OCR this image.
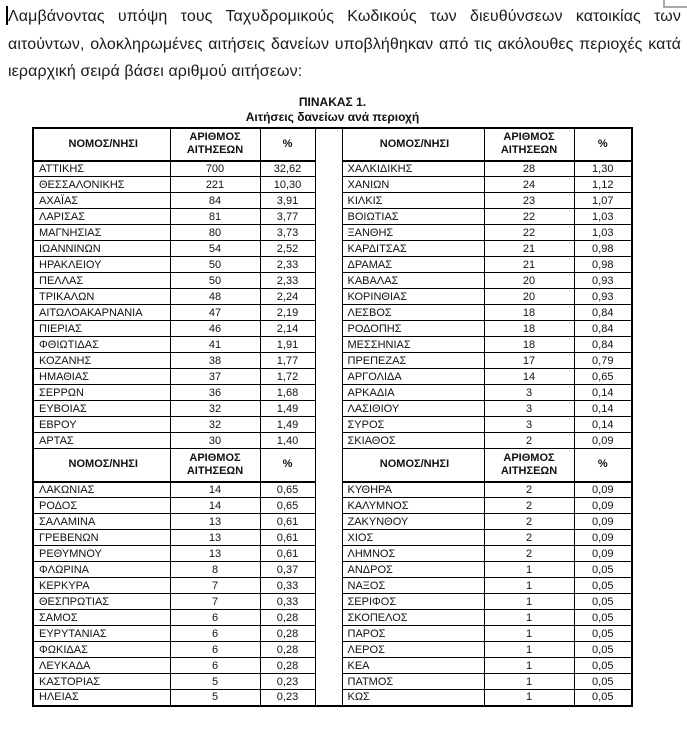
Λαμβάνοντας υπόψη τους Ταχυδρομικούς Κωδικούς των διευθύνσεων κατοικίας των αιτούντων, ολοκληρωμένες αιτήσεις δανείων υποβλήθηκαν από τις ακόλουθες περιοχές κατά ιεραρχική σειρά βάσει αριθμού αιτήσεων:

ΠΙΝΑΚΑΣ 1.
Αιτήσεις δανείων ανά περιοχή
ΝΟΜΟΣ/ΝΗΣΙ	ΑΡΙΘΜΟΣ ΑΙΤΗΣΕΩΝ	%		ΝΟΜΟΣ/ΝΗΣΙ	ΑΡΙΘΜΟΣ ΑΙΤΗΣΕΩΝ	%
ΑΤΤΙΚΗΣ	700	32,62		ΧΑΛΚΙΔΙΚΗΣ	28	1,30
ΘΕΣΣΑΛΟΝΙΚΗΣ	221	10,30		ΧΑΝΙΩΝ	24	1,12
ΑΧΑΪΑΣ	84	3,91		ΚΙΛΚΙΣ	23	1,07
ΛΑΡΙΣΑΣ	81	3,77		ΒΟΙΩΤΙΑΣ	22	1,03
ΜΑΓΝΗΣΙΑΣ	80	3,73		ΞΑΝΘΗΣ	22	1,03
ΙΩΑΝΝΙΝΩΝ	54	2,52		ΚΑΡΔΙΤΣΑΣ	21	0,98
ΗΡΑΚΛΕΙΟΥ	50	2,33		ΔΡΑΜΑΣ	21	0,98
ΠΕΛΛΑΣ	50	2,33		ΚΑΒΑΛΑΣ	20	0,93
ΤΡΙΚΑΛΩΝ	48	2,24		ΚΟΡΙΝΘΙΑΣ	20	0,93
ΑΙΤΩΛΟΑΚΑΡΝΑΝΙΑ	47	2,19		ΛΕΣΒΟΣ	18	0,84
ΠΙΕΡΙΑΣ	46	2,14		ΡΟΔΟΠΗΣ	18	0,84
ΦΘΙΩΤΙΔΑΣ	41	1,91		ΜΕΣΣΗΝΙΑΣ	18	0,84
ΚΟΖΑΝΗΣ	38	1,77		ΠΡΕΠΕΖΑΣ	17	0,79
ΗΜΑΘΙΑΣ	37	1,72		ΑΡΓΟΛΙΔΑ	14	0,65
ΣΕΡΡΩΝ	36	1,68		ΑΡΚΑΔΙΑ	3	0,14
ΕΥΒΟΙΑΣ	32	1,49		ΛΑΣΙΘΙΟΥ	3	0,14
ΕΒΡΟΥ	32	1,49		ΣΥΡΟΣ	3	0,14
ΑΡΤΑΣ	30	1,40		ΣΚΙΑΘΟΣ	2	0,09
ΝΟΜΟΣ/ΝΗΣΙ	ΑΡΙΘΜΟΣ ΑΙΤΗΣΕΩΝ	%		ΝΟΜΟΣ/ΝΗΣΙ	ΑΡΙΘΜΟΣ ΑΙΤΗΣΕΩΝ	%
ΛΑΚΩΝΙΑΣ	14	0,65		ΚΥΘΗΡΑ	2	0,09
ΡΟΔΟΣ	14	0,65		ΚΑΛΥΜΝΟΣ	2	0,09
ΣΑΛΑΜΙΝΑ	13	0,61		ΖΑΚΥΝΘΟΥ	2	0,09
ΓΡΕΒΕΝΩΝ	13	0,61		ΧΙΟΣ	2	0,09
ΡΕΘΥΜΝΟΥ	13	0,61		ΛΗΜΝΟΣ	2	0,09
ΦΛΩΡΙΝΑ	8	0,37		ΑΝΔΡΟΣ	1	0,05
ΚΕΡΚΥΡΑ	7	0,33		ΝΑΞΟΣ	1	0,05
ΘΕΣΠΡΩΤΙΑΣ	7	0,33		ΣΕΡΙΦΟΣ	1	0,05
ΣΑΜΟΣ	6	0,28		ΣΚΟΠΕΛΟΣ	1	0,05
ΕΥΡΥΤΑΝΙΑΣ	6	0,28		ΠΑΡΟΣ	1	0,05
ΦΩΚΙΔΑΣ	6	0,28		ΛΕΡΟΣ	1	0,05
ΛΕΥΚΑΔΑ	6	0,28		ΚΕΑ	1	0,05
ΚΑΣΤΟΡΙΑΣ	5	0,23		ΠΑΤΜΟΣ	1	0,05
ΗΛΕΙΑΣ	5	0,23		ΚΩΣ	1	0,05
